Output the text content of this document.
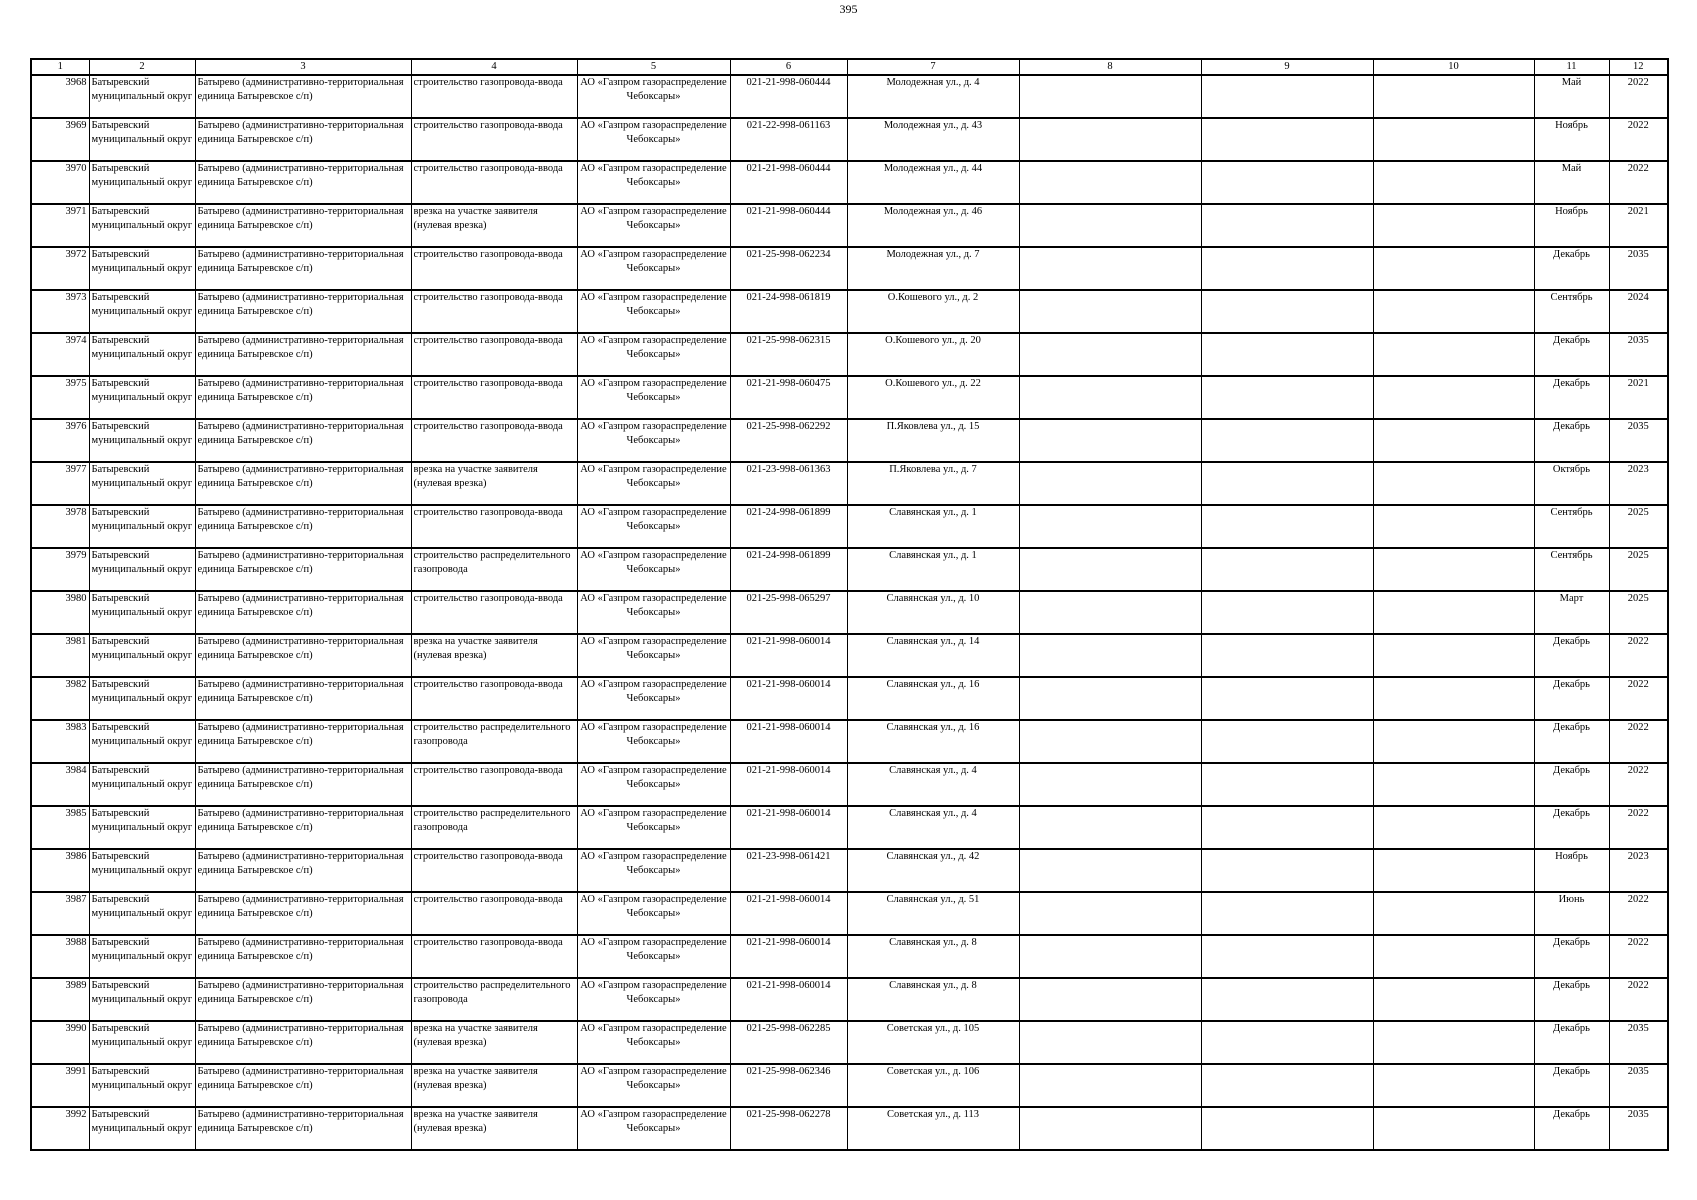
395
1	2	3	4	5	6	7	8	9	10	11	12

3968	Батыревский муниципальный округ	Батырево (административно-территориальная единица Батыревское с/п)	строительство газопровода-ввода	АО «Газпром газораспределение Чебоксары»	021-21-998-060444	Молодежная ул., д. 4				Май	2022

3969	Батыревский муниципальный округ	Батырево (административно-территориальная единица Батыревское с/п)	строительство газопровода-ввода	АО «Газпром газораспределение Чебоксары»	021-22-998-061163	Молодежная ул., д. 43				Ноябрь	2022

3970	Батыревский муниципальный округ	Батырево (административно-территориальная единица Батыревское с/п)	строительство газопровода-ввода	АО «Газпром газораспределение Чебоксары»	021-21-998-060444	Молодежная ул., д. 44				Май	2022

3971	Батыревский муниципальный округ	Батырево (административно-территориальная единица Батыревское с/п)	врезка на участке заявителя (нулевая врезка)	АО «Газпром газораспределение Чебоксары»	021-21-998-060444	Молодежная ул., д. 46				Ноябрь	2021

3972	Батыревский муниципальный округ	Батырево (административно-территориальная единица Батыревское с/п)	строительство газопровода-ввода	АО «Газпром газораспределение Чебоксары»	021-25-998-062234	Молодежная ул., д. 7				Декабрь	2035

3973	Батыревский муниципальный округ	Батырево (административно-территориальная единица Батыревское с/п)	строительство газопровода-ввода	АО «Газпром газораспределение Чебоксары»	021-24-998-061819	О.Кошевого ул., д. 2				Сентябрь	2024

3974	Батыревский муниципальный округ	Батырево (административно-территориальная единица Батыревское с/п)	строительство газопровода-ввода	АО «Газпром газораспределение Чебоксары»	021-25-998-062315	О.Кошевого ул., д. 20				Декабрь	2035

3975	Батыревский муниципальный округ	Батырево (административно-территориальная единица Батыревское с/п)	строительство газопровода-ввода	АО «Газпром газораспределение Чебоксары»	021-21-998-060475	О.Кошевого ул., д. 22				Декабрь	2021

3976	Батыревский муниципальный округ	Батырево (административно-территориальная единица Батыревское с/п)	строительство газопровода-ввода	АО «Газпром газораспределение Чебоксары»	021-25-998-062292	П.Яковлева ул., д. 15				Декабрь	2035

3977	Батыревский муниципальный округ	Батырево (административно-территориальная единица Батыревское с/п)	врезка на участке заявителя (нулевая врезка)	АО «Газпром газораспределение Чебоксары»	021-23-998-061363	П.Яковлева ул., д. 7				Октябрь	2023

3978	Батыревский муниципальный округ	Батырево (административно-территориальная единица Батыревское с/п)	строительство газопровода-ввода	АО «Газпром газораспределение Чебоксары»	021-24-998-061899	Славянская ул., д. 1				Сентябрь	2025

3979	Батыревский муниципальный округ	Батырево (административно-территориальная единица Батыревское с/п)	строительство распределительного газопровода	АО «Газпром газораспределение Чебоксары»	021-24-998-061899	Славянская ул., д. 1				Сентябрь	2025

3980	Батыревский муниципальный округ	Батырево (административно-территориальная единица Батыревское с/п)	строительство газопровода-ввода	АО «Газпром газораспределение Чебоксары»	021-25-998-065297	Славянская ул., д. 10				Март	2025

3981	Батыревский муниципальный округ	Батырево (административно-территориальная единица Батыревское с/п)	врезка на участке заявителя (нулевая врезка)	АО «Газпром газораспределение Чебоксары»	021-21-998-060014	Славянская ул., д. 14				Декабрь	2022

3982	Батыревский муниципальный округ	Батырево (административно-территориальная единица Батыревское с/п)	строительство газопровода-ввода	АО «Газпром газораспределение Чебоксары»	021-21-998-060014	Славянская ул., д. 16				Декабрь	2022

3983	Батыревский муниципальный округ	Батырево (административно-территориальная единица Батыревское с/п)	строительство распределительного газопровода	АО «Газпром газораспределение Чебоксары»	021-21-998-060014	Славянская ул., д. 16				Декабрь	2022

3984	Батыревский муниципальный округ	Батырево (административно-территориальная единица Батыревское с/п)	строительство газопровода-ввода	АО «Газпром газораспределение Чебоксары»	021-21-998-060014	Славянская ул., д. 4				Декабрь	2022

3985	Батыревский муниципальный округ	Батырево (административно-территориальная единица Батыревское с/п)	строительство распределительного газопровода	АО «Газпром газораспределение Чебоксары»	021-21-998-060014	Славянская ул., д. 4				Декабрь	2022

3986	Батыревский муниципальный округ	Батырево (административно-территориальная единица Батыревское с/п)	строительство газопровода-ввода	АО «Газпром газораспределение Чебоксары»	021-23-998-061421	Славянская ул., д. 42				Ноябрь	2023

3987	Батыревский муниципальный округ	Батырево (административно-территориальная единица Батыревское с/п)	строительство газопровода-ввода	АО «Газпром газораспределение Чебоксары»	021-21-998-060014	Славянская ул., д. 51				Июнь	2022

3988	Батыревский муниципальный округ	Батырево (административно-территориальная единица Батыревское с/п)	строительство газопровода-ввода	АО «Газпром газораспределение Чебоксары»	021-21-998-060014	Славянская ул., д. 8				Декабрь	2022

3989	Батыревский муниципальный округ	Батырево (административно-территориальная единица Батыревское с/п)	строительство распределительного газопровода	АО «Газпром газораспределение Чебоксары»	021-21-998-060014	Славянская ул., д. 8				Декабрь	2022

3990	Батыревский муниципальный округ	Батырево (административно-территориальная единица Батыревское с/п)	врезка на участке заявителя (нулевая врезка)	АО «Газпром газораспределение Чебоксары»	021-25-998-062285	Советская ул., д. 105				Декабрь	2035

3991	Батыревский муниципальный округ	Батырево (административно-территориальная единица Батыревское с/п)	врезка на участке заявителя (нулевая врезка)	АО «Газпром газораспределение Чебоксары»	021-25-998-062346	Советская ул., д. 106				Декабрь	2035

3992	Батыревский муниципальный округ	Батырево (административно-территориальная единица Батыревское с/п)	врезка на участке заявителя (нулевая врезка)	АО «Газпром газораспределение Чебоксары»	021-25-998-062278	Советская ул., д. 113				Декабрь	2035
